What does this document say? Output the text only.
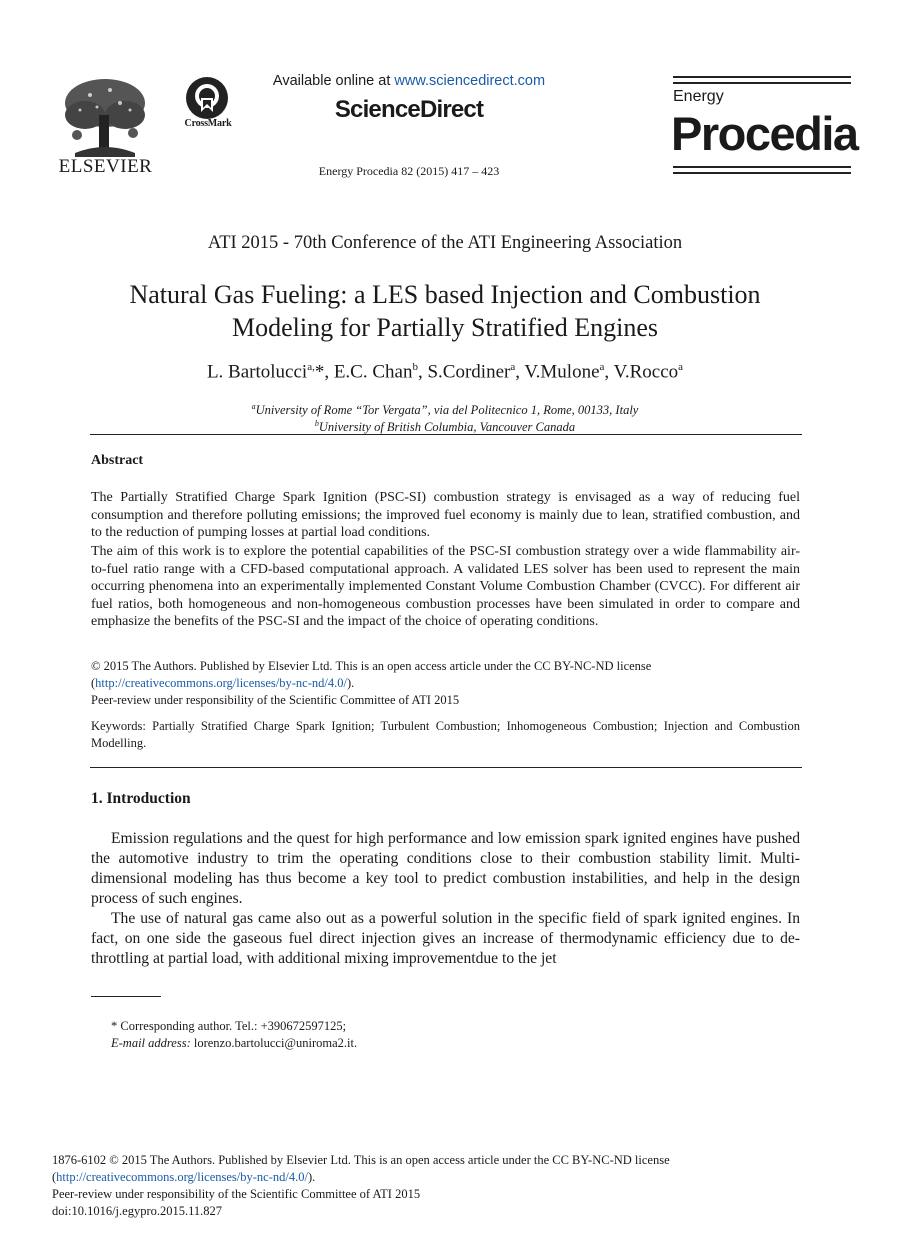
ELSEVIER
CrossMark
Available online at www.sciencedirect.com
ScienceDirect
Energy Procedia 82 (2015) 417 – 423
Energy
Procedia
ATI 2015 - 70th Conference of the ATI Engineering Association
Natural Gas Fueling: a LES based Injection and Combustion
Modeling for Partially Stratified Engines
L. Bartolucci$^{a,}$*, E.C. Chan$^b$, S.Cordiner$^a$, V.Mulone$^a$, V.Rocco$^a$
$^a$University of Rome “Tor Vergata”, via del Politecnico 1, Rome, 00133, Italy
$^b$University of British Columbia, Vancouver Canada
Abstract
The Partially Stratified Charge Spark Ignition (PSC-SI) combustion strategy is envisaged as a way of reducing fuel consumption and therefore polluting emissions; the improved fuel economy is mainly due to lean, stratified combustion, and to the reduction of pumping losses at partial load conditions.
The aim of this work is to explore the potential capabilities of the PSC-SI combustion strategy over a wide flammability air-to-fuel ratio range with a CFD-based computational approach. A validated LES solver has been used to represent the main occurring phenomena into an experimentally implemented Constant Volume Combustion Chamber (CVCC). For different air fuel ratios, both homogeneous and non-homogeneous combustion processes have been simulated in order to compare and emphasize the benefits of the PSC-SI and the impact of the choice of operating conditions.
© 2015 The Authors. Published by Elsevier Ltd. This is an open access article under the CC BY-NC-ND license
(http://creativecommons.org/licenses/by-nc-nd/4.0/).
Peer-review under responsibility of the Scientific Committee of ATI 2015
Keywords: Partially Stratified Charge Spark Ignition; Turbulent Combustion; Inhomogeneous Combustion; Injection and Combustion Modelling.
1. Introduction
Emission regulations and the quest for high performance and low emission spark ignited engines have pushed the automotive industry to trim the operating conditions close to their combustion stability limit. Multi-dimensional modeling has thus become a key tool to predict combustion instabilities, and help in the design process of such engines.
The use of natural gas came also out as a powerful solution in the specific field of spark ignited engines. In fact, on one side the gaseous fuel direct injection gives an increase of thermodynamic efficiency due to de-throttling at partial load, with additional mixing improvementdue to the jet
* Corresponding author. Tel.: +390672597125;
E-mail address: lorenzo.bartolucci@uniroma2.it.
1876-6102 © 2015 The Authors. Published by Elsevier Ltd. This is an open access article under the CC BY-NC-ND license
(http://creativecommons.org/licenses/by-nc-nd/4.0/).
Peer-review under responsibility of the Scientific Committee of ATI 2015
doi:10.1016/j.egypro.2015.11.827
